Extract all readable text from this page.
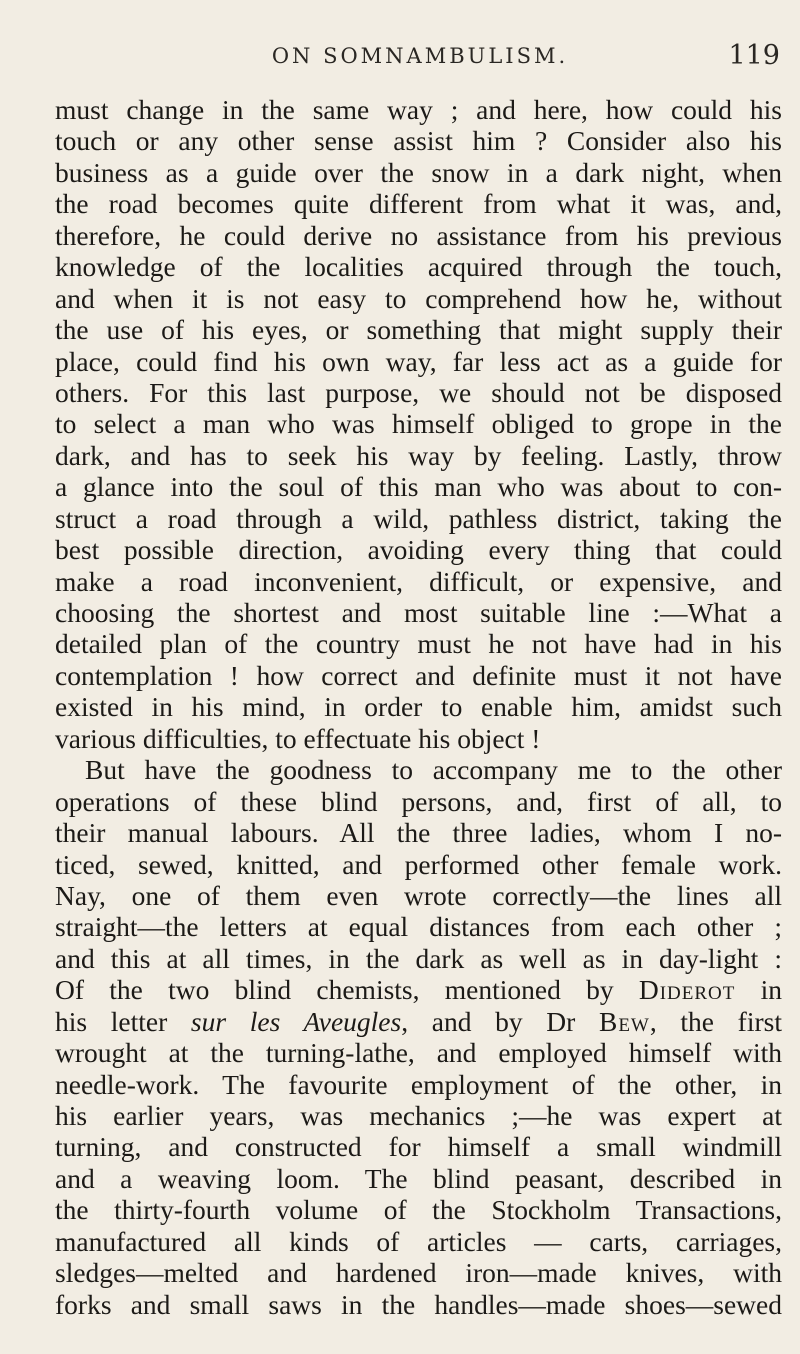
ON SOMNAMBULISM.	119
must change in the same way ; and here, how could his
touch or any other sense assist him ? Consider also his
business as a guide over the snow in a dark night, when
the road becomes quite different from what it was, and,
therefore, he could derive no assistance from his previous
knowledge of the localities acquired through the touch,
and when it is not easy to comprehend how he, without
the use of his eyes, or something that might supply their
place, could find his own way, far less act as a guide for
others. For this last purpose, we should not be disposed
to select a man who was himself obliged to grope in the
dark, and has to seek his way by feeling. Lastly, throw
a glance into the soul of this man who was about to con-
struct a road through a wild, pathless district, taking the
best possible direction, avoiding every thing that could
make a road inconvenient, difficult, or expensive, and
choosing the shortest and most suitable line :—What a
detailed plan of the country must he not have had in his
contemplation ! how correct and definite must it not have
existed in his mind, in order to enable him, amidst such
various difficulties, to effectuate his object !
But have the goodness to accompany me to the other
operations of these blind persons, and, first of all, to
their manual labours. All the three ladies, whom I no-
ticed, sewed, knitted, and performed other female work.
Nay, one of them even wrote correctly—the lines all
straight—the letters at equal distances from each other ;
and this at all times, in the dark as well as in day-light :
Of the two blind chemists, mentioned by Diderot in
his letter sur les Aveugles, and by Dr Bew, the first
wrought at the turning-lathe, and employed himself with
needle-work. The favourite employment of the other, in
his earlier years, was mechanics ;—he was expert at
turning, and constructed for himself a small windmill
and a weaving loom. The blind peasant, described in
the thirty-fourth volume of the Stockholm Transactions,
manufactured all kinds of articles — carts, carriages,
sledges—melted and hardened iron—made knives, with
forks and small saws in the handles—made shoes—sewed
